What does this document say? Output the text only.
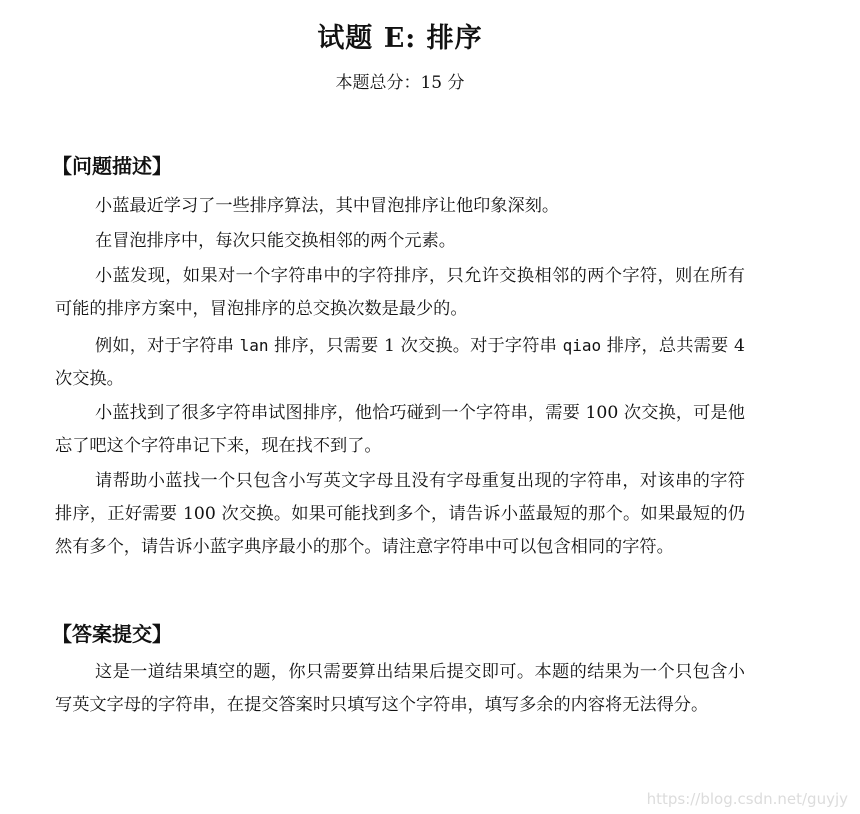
试题 E: 排序
本题总分：15 分
【问题描述】
小蓝最近学习了一些排序算法，其中冒泡排序让他印象深刻。
在冒泡排序中，每次只能交换相邻的两个元素。
小蓝发现，如果对一个字符串中的字符排序，只允许交换相邻的两个字符，则在所有可能的排序方案中，冒泡排序的总交换次数是最少的。
例如，对于字符串 lan 排序，只需要 1 次交换。对于字符串 qiao 排序，总共需要 4 次交换。
小蓝找到了很多字符串试图排序，他恰巧碰到一个字符串，需要 100 次交换，可是他忘了吧这个字符串记下来，现在找不到了。
请帮助小蓝找一个只包含小写英文字母且没有字母重复出现的字符串，对该串的字符排序，正好需要 100 次交换。如果可能找到多个，请告诉小蓝最短的那个。如果最短的仍然有多个，请告诉小蓝字典序最小的那个。请注意字符串中可以包含相同的字符。
【答案提交】
这是一道结果填空的题，你只需要算出结果后提交即可。本题的结果为一个只包含小写英文字母的字符串，在提交答案时只填写这个字符串，填写多余的内容将无法得分。
https://blog.csdn.net/guyjy
